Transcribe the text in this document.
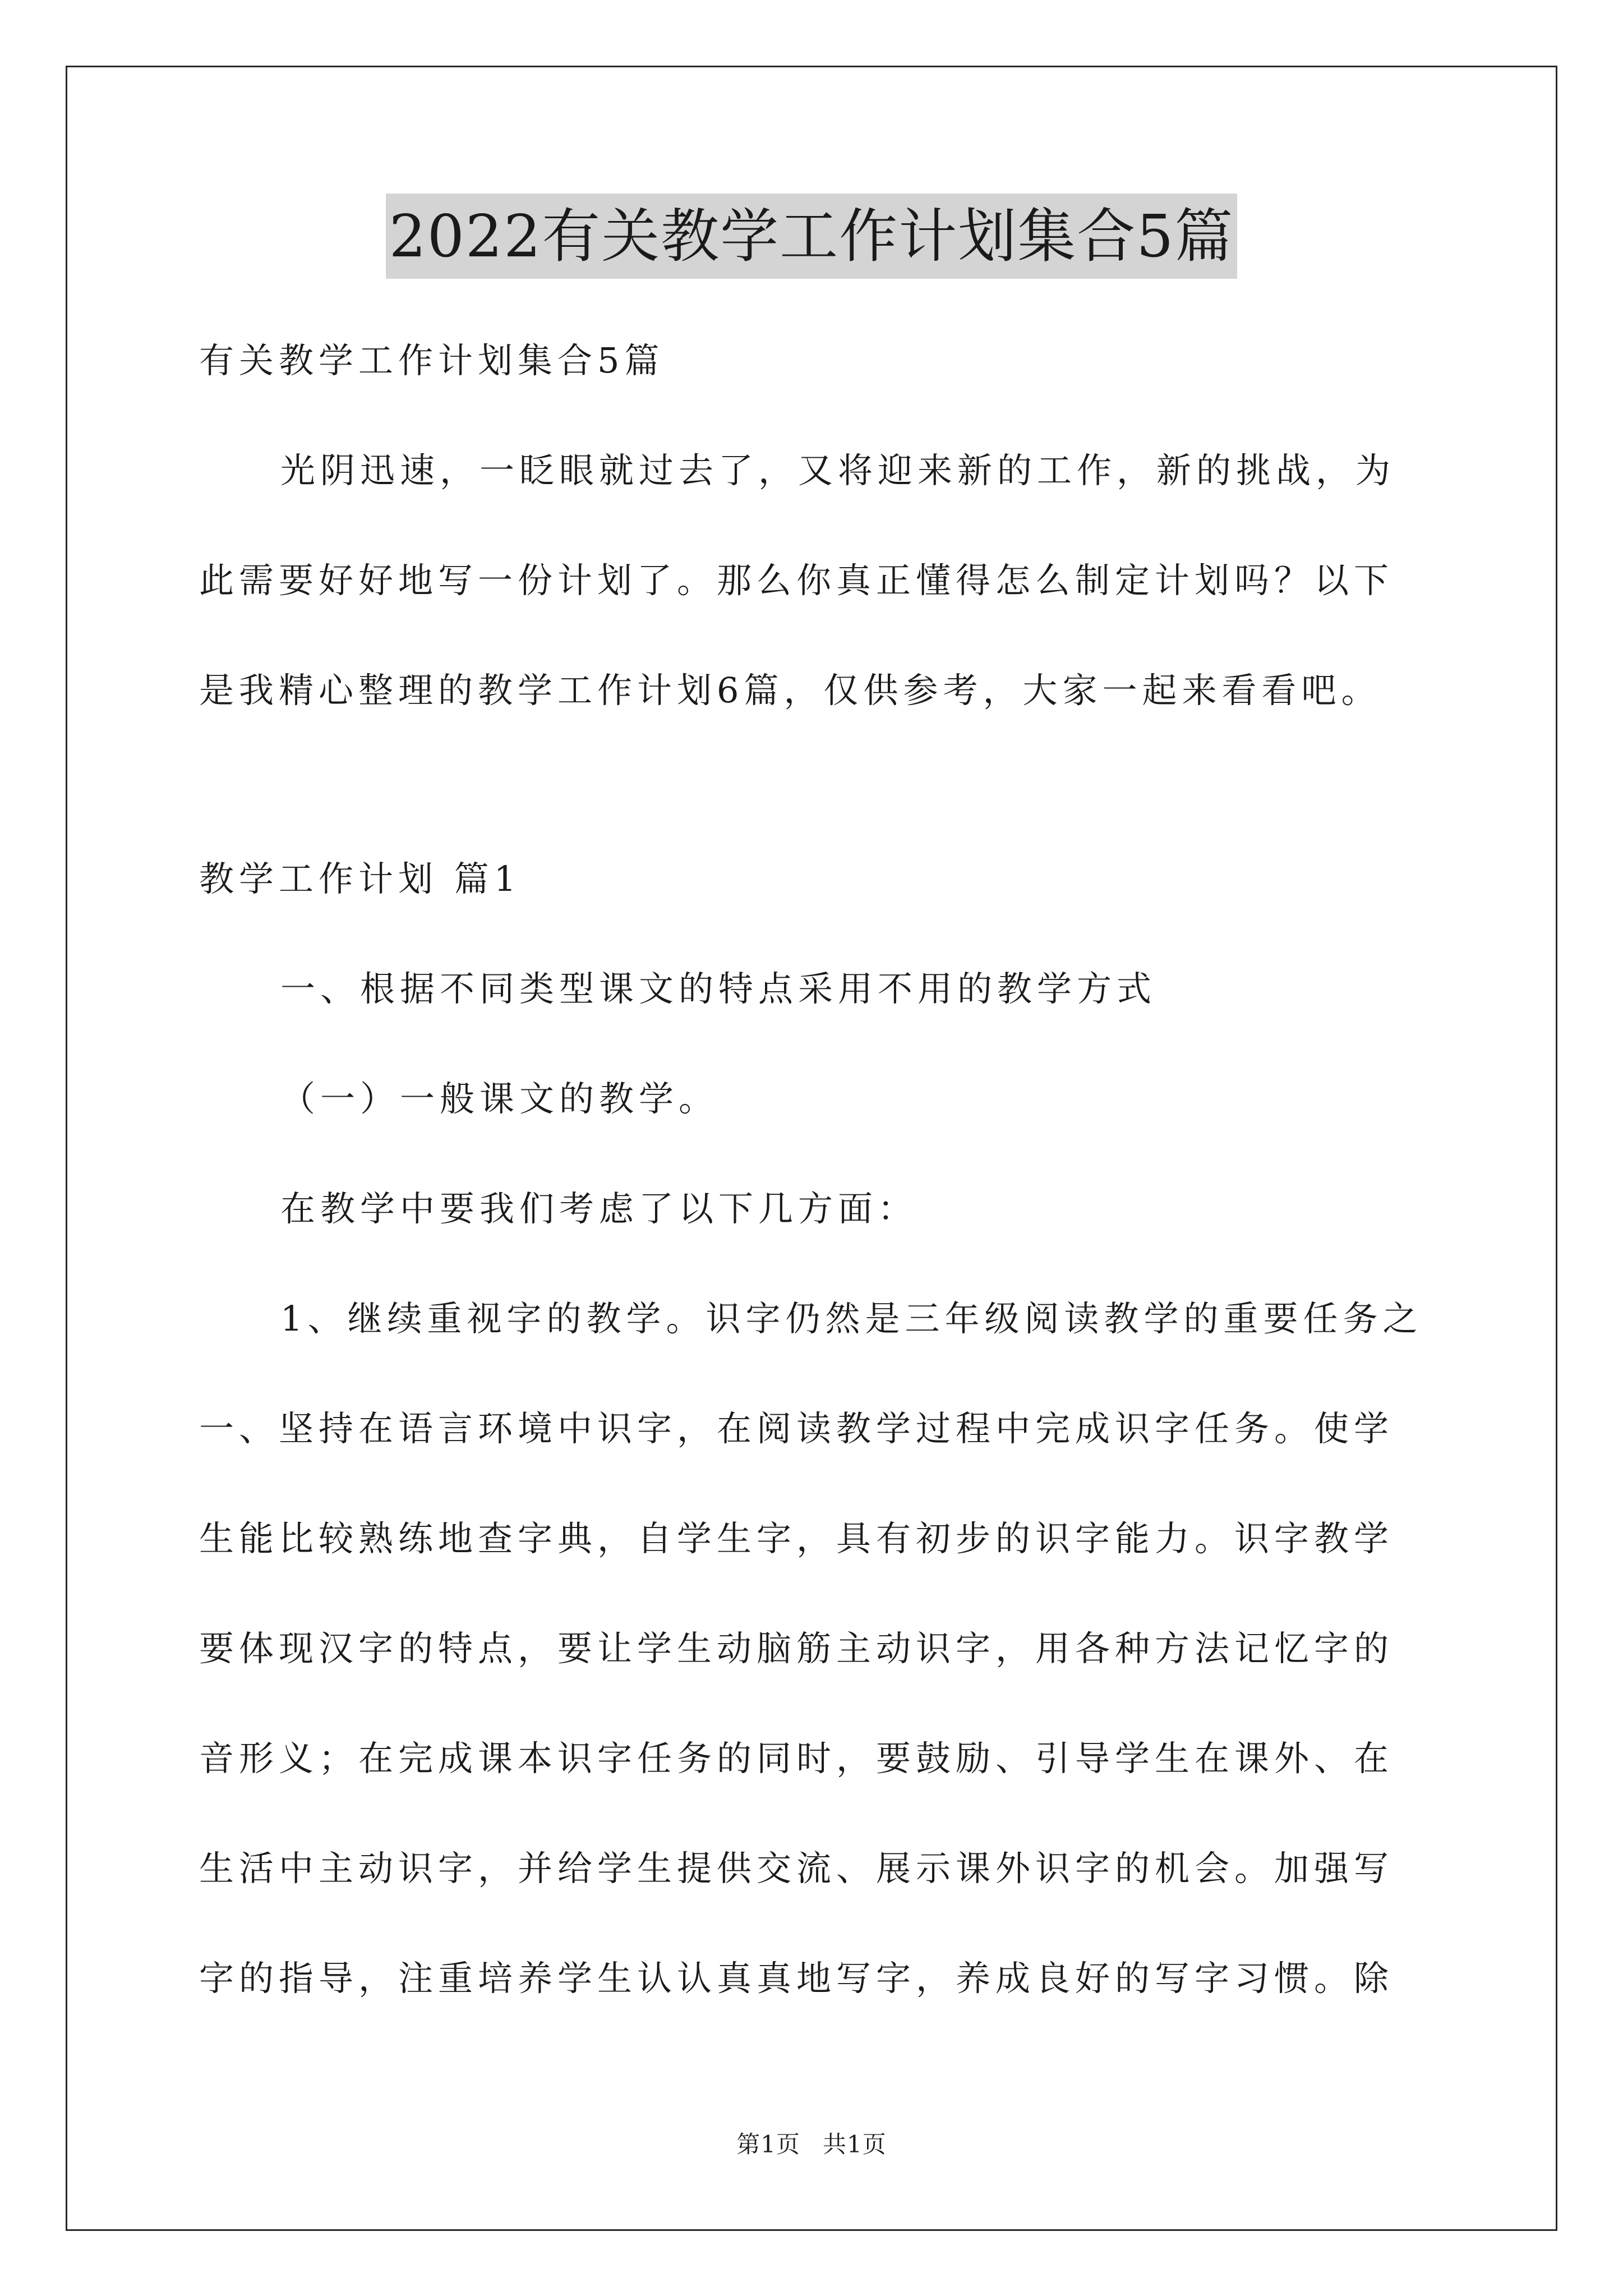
2022有关教学工作计划集合5篇
有关教学工作计划集合5篇
光阴迅速，一眨眼就过去了，又将迎来新的工作，新的挑战，为
此需要好好地写一份计划了。那么你真正懂得怎么制定计划吗？以下
是我精心整理的教学工作计划6篇，仅供参考，大家一起来看看吧。
教学工作计划 篇1
一、根据不同类型课文的特点采用不用的教学方式
（一）一般课文的教学。
在教学中要我们考虑了以下几方面：
1、继续重视字的教学。识字仍然是三年级阅读教学的重要任务之
一、坚持在语言环境中识字，在阅读教学过程中完成识字任务。使学
生能比较熟练地查字典，自学生字，具有初步的识字能力。识字教学
要体现汉字的特点，要让学生动脑筋主动识字，用各种方法记忆字的
音形义；在完成课本识字任务的同时，要鼓励、引导学生在课外、在
生活中主动识字，并给学生提供交流、展示课外识字的机会。加强写
字的指导，注重培养学生认认真真地写字，养成良好的写字习惯。除
第1页 共1页
